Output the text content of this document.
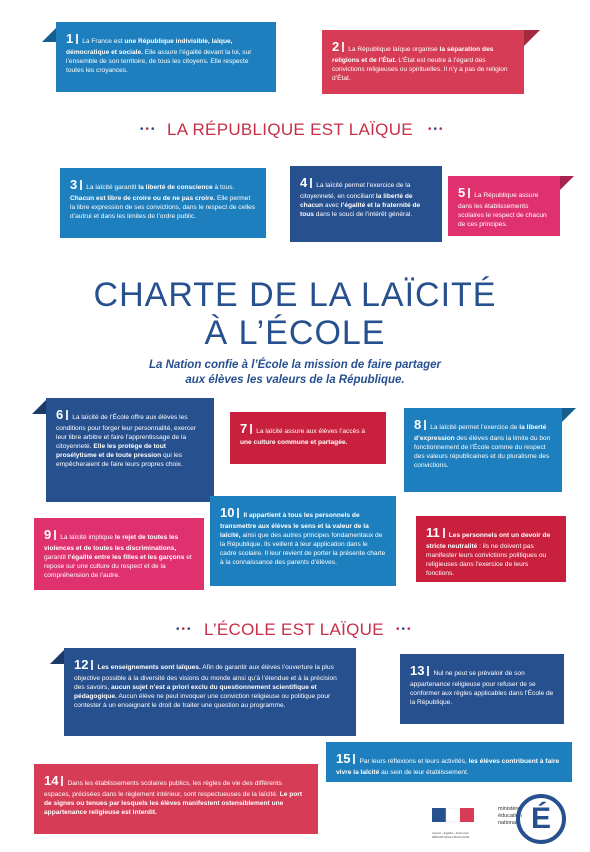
1 La France est une République indivisible, laïque, démocratique et sociale. Elle assure l’égalité devant la loi, sur l’ensemble de son territoire, de tous les citoyens. Elle respecte toutes les croyances.
2 La République laïque organise la séparation des religions et de l’État. L’État est neutre à l’égard des convictions religieuses ou spirituelles. Il n’y a pas de religion d’État.
••• LA RÉPUBLIQUE EST LAÏQUE •••
3 La laïcité garantit la liberté de conscience à tous. Chacun est libre de croire ou de ne pas croire. Elle permet la libre expression de ses convictions, dans le respect de celles d’autrui et dans les limites de l’ordre public.
4 La laïcité permet l’exercice de la citoyenneté, en conciliant la liberté de chacun avec l’égalité et la fraternité de tous dans le souci de l’intérêt général.
5 La République assure dans les établissements scolaires le respect de chacun de ces principes.
CHARTE DE LA LAÏCITÉ
À L’ÉCOLE
La Nation confie à l’École la mission de faire partager
aux élèves les valeurs de la République.
6 La laïcité de l’École offre aux élèves les conditions pour forger leur personnalité, exercer leur libre arbitre et faire l’apprentissage de la citoyenneté. Elle les protège de tout prosélytisme et de toute pression qui les empêcheraient de faire leurs propres choix.
7 La laïcité assure aux élèves l’accès à une culture commune et partagée.
8 La laïcité permet l’exercice de la liberté d’expression des élèves dans la limite du bon fonctionnement de l’École comme du respect des valeurs républicaines et du pluralisme des convictions.
9 La laïcité implique le rejet de toutes les violences et de toutes les discriminations, garantit l’égalité entre les filles et les garçons et repose sur une culture du respect et de la compréhension de l’autre.
10 Il appartient à tous les personnels de transmettre aux élèves le sens et la valeur de la laïcité, ainsi que des autres principes fondamentaux de la République. Ils veillent à leur application dans le cadre scolaire. Il leur revient de porter la présente charte à la connaissance des parents d’élèves.
11 Les personnels ont un devoir de stricte neutralité : ils ne doivent pas manifester leurs convictions politiques ou religieuses dans l’exercice de leurs fonctions.
••• L’ÉCOLE EST LAÏQUE •••
12 Les enseignements sont laïques. Afin de garantir aux élèves l’ouverture la plus objective possible à la diversité des visions du monde ainsi qu’à l’étendue et à la précision des savoirs, aucun sujet n’est a priori exclu du questionnement scientifique et pédagogique. Aucun élève ne peut invoquer une conviction religieuse ou politique pour contester à un enseignant le droit de traiter une question au programme.
13 Nul ne peut se prévaloir de son appartenance religieuse pour refuser de se conformer aux règles applicables dans l’École de la République.
14 Dans les établissements scolaires publics, les règles de vie des différents espaces, précisées dans le règlement intérieur, sont respectueuses de la laïcité. Le port de signes ou tenues par lesquels les élèves manifestent ostensiblement une appartenance religieuse est interdit.
15 Par leurs réflexions et leurs activités, les élèves contribuent à faire vivre la laïcité au sein de leur établissement.
Liberté • Égalité • Fraternité RÉPUBLIQUE FRANÇAISE
ministère
éducation
nationale É
